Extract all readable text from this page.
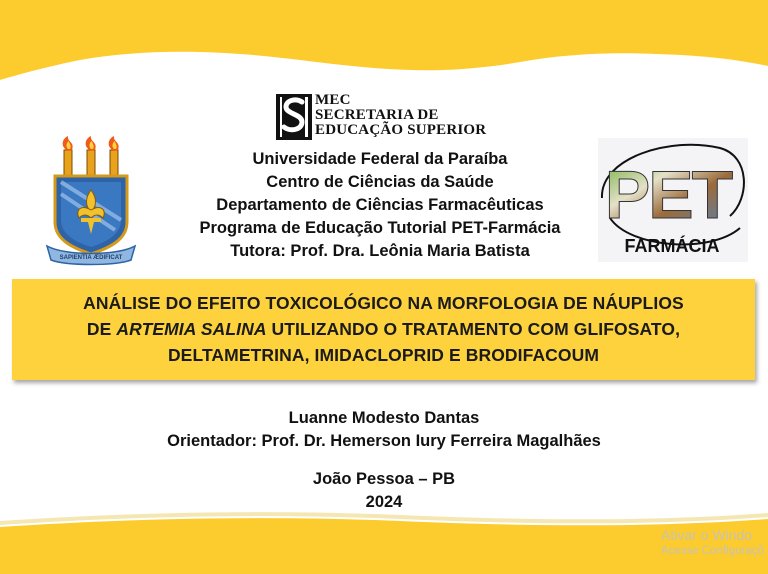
MEC
SECRETARIA DE
EDUCAÇÃO SUPERIOR
SAPIENTIA ÆDIFICAT
Universidade Federal da Paraíba
Centro de Ciências da Saúde
Departamento de Ciências Farmacêuticas
Programa de Educação Tutorial PET-Farmácia
Tutora: Prof. Dra. Leônia Maria Batista
PET
FARMÁCIA
ANÁLISE DO EFEITO TOXICOLÓGICO NA MORFOLOGIA DE NÁUPLIOS
DE ARTEMIA SALINA UTILIZANDO O TRATAMENTO COM GLIFOSATO,
DELTAMETRINA, IMIDACLOPRID E BRODIFACOUM
Luanne Modesto Dantas
Orientador: Prof. Dr. Hemerson Iury Ferreira Magalhães
João Pessoa – PB
2024
Ativar o Windo
Acesse Configuraçõ
